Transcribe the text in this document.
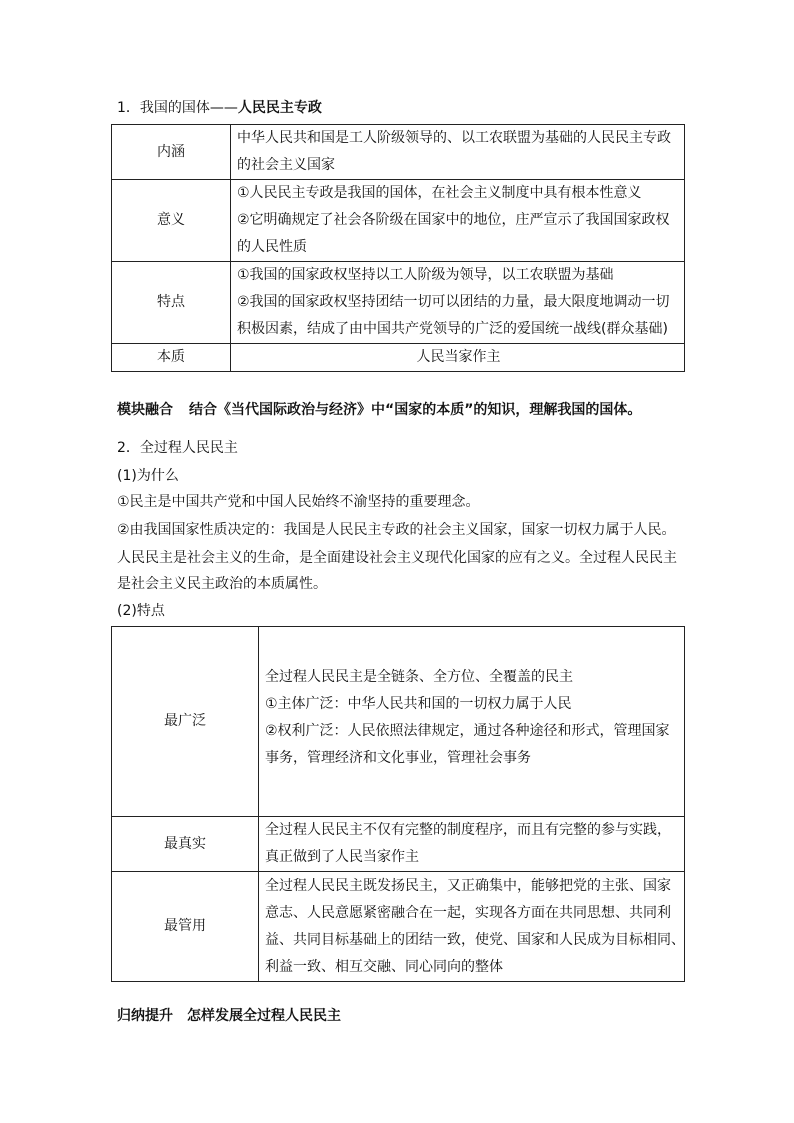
1．我国的国体——人民民主专政
内涵	中华人民共和国是工人阶级领导的、以工农联盟为基础的人民民主专政
的社会主义国家

意义	①人民民主专政是我国的国体，在社会主义制度中具有根本性意义
②它明确规定了社会各阶级在国家中的地位，庄严宣示了我国国家政权
的人民性质

特点	①我国的国家政权坚持以工人阶级为领导，以工农联盟为基础
②我国的国家政权坚持团结一切可以团结的力量，最大限度地调动一切
积极因素，结成了由中国共产党领导的广泛的爱国统一战线(群众基础)

本质	人民当家作主
模块融合 结合《当代国际政治与经济》中“国家的本质”的知识，理解我国的国体。
2．全过程人民民主
(1)为什么
①民主是中国共产党和中国人民始终不渝坚持的重要理念。
②由我国国家性质决定的：我国是人民民主专政的社会主义国家，国家一切权力属于人民。
人民民主是社会主义的生命，是全面建设社会主义现代化国家的应有之义。全过程人民民主
是社会主义民主政治的本质属性。
(2)特点
最广泛	全过程人民民主是全链条、全方位、全覆盖的民主
①主体广泛：中华人民共和国的一切权力属于人民
②权利广泛：人民依照法律规定，通过各种途径和形式，管理国家
事务，管理经济和文化事业，管理社会事务

最真实	全过程人民民主不仅有完整的制度程序，而且有完整的参与实践，
真正做到了人民当家作主

最管用	全过程人民民主既发扬民主，又正确集中，能够把党的主张、国家
意志、人民意愿紧密融合在一起，实现各方面在共同思想、共同利
益、共同目标基础上的团结一致，使党、国家和人民成为目标相同、
利益一致、相互交融、同心同向的整体
归纳提升 怎样发展全过程人民民主
